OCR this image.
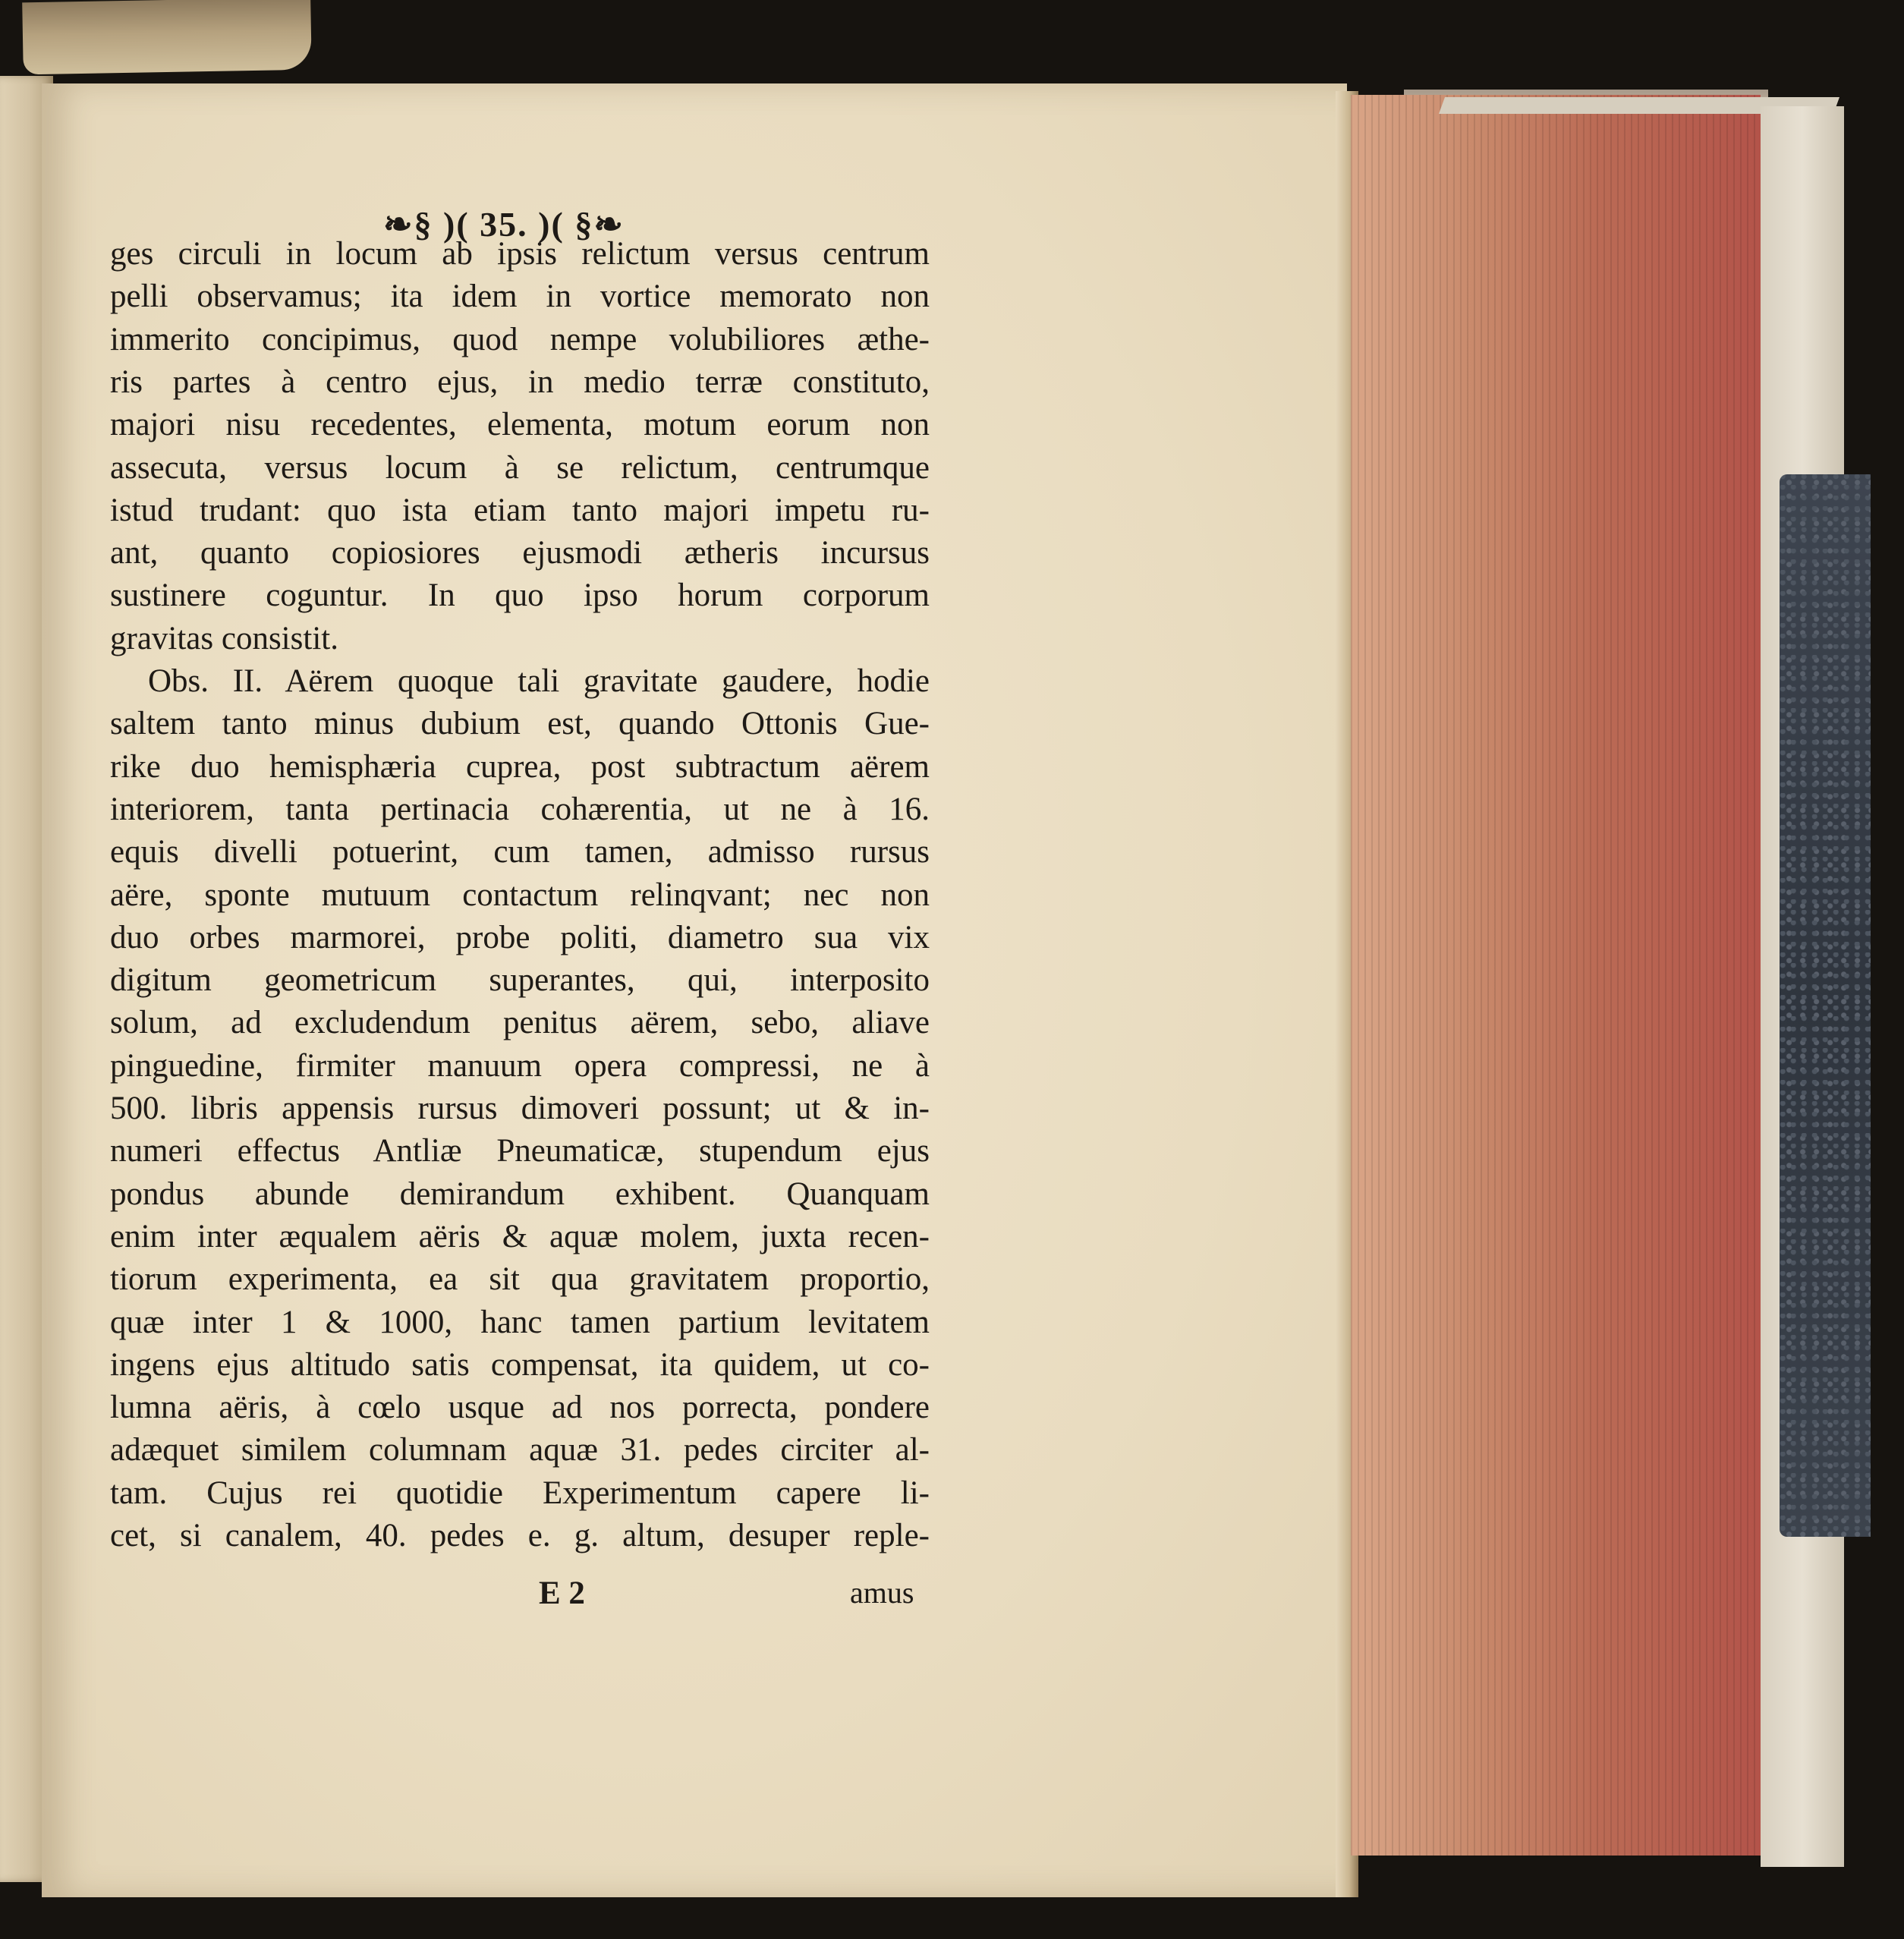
❧§ )( 35. )( §❧
ges circuli in locum ab ipsis relictum versus centrum
pelli observamus; ita idem in vortice memorato non
immerito concipimus, quod nempe volubiliores æthe-
ris partes à centro ejus, in medio terræ constituto,
majori nisu recedentes, elementa, motum eorum non
assecuta, versus locum à se relictum, centrumque
istud trudant: quo ista etiam tanto majori impetu ru-
ant, quanto copiosiores ejusmodi ætheris incursus
sustinere coguntur. In quo ipso horum corporum
gravitas consistit.
Obs. II. Aërem quoque tali gravitate gaudere, hodie
saltem tanto minus dubium est, quando Ottonis Gue-
rike duo hemisphæria cuprea, post subtractum aërem
interiorem, tanta pertinacia cohærentia, ut ne à 16.
equis divelli potuerint, cum tamen, admisso rursus
aëre, sponte mutuum contactum relinqvant; nec non
duo orbes marmorei, probe politi, diametro sua vix
digitum geometricum superantes, qui, interposito
solum, ad excludendum penitus aërem, sebo, aliave
pinguedine, firmiter manuum opera compressi, ne à
500. libris appensis rursus dimoveri possunt; ut & in-
numeri effectus Antliæ Pneumaticæ, stupendum ejus
pondus abunde demirandum exhibent. Quanquam
enim inter æqualem aëris & aquæ molem, juxta recen-
tiorum experimenta, ea sit qua gravitatem proportio,
quæ inter 1 & 1000, hanc tamen partium levitatem
ingens ejus altitudo satis compensat, ita quidem, ut co-
lumna aëris, à cœlo usque ad nos porrecta, pondere
adæquet similem columnam aquæ 31. pedes circiter al-
tam. Cujus rei quotidie Experimentum capere li-
cet, si canalem, 40. pedes e. g. altum, desuper reple-
E 2	amus
